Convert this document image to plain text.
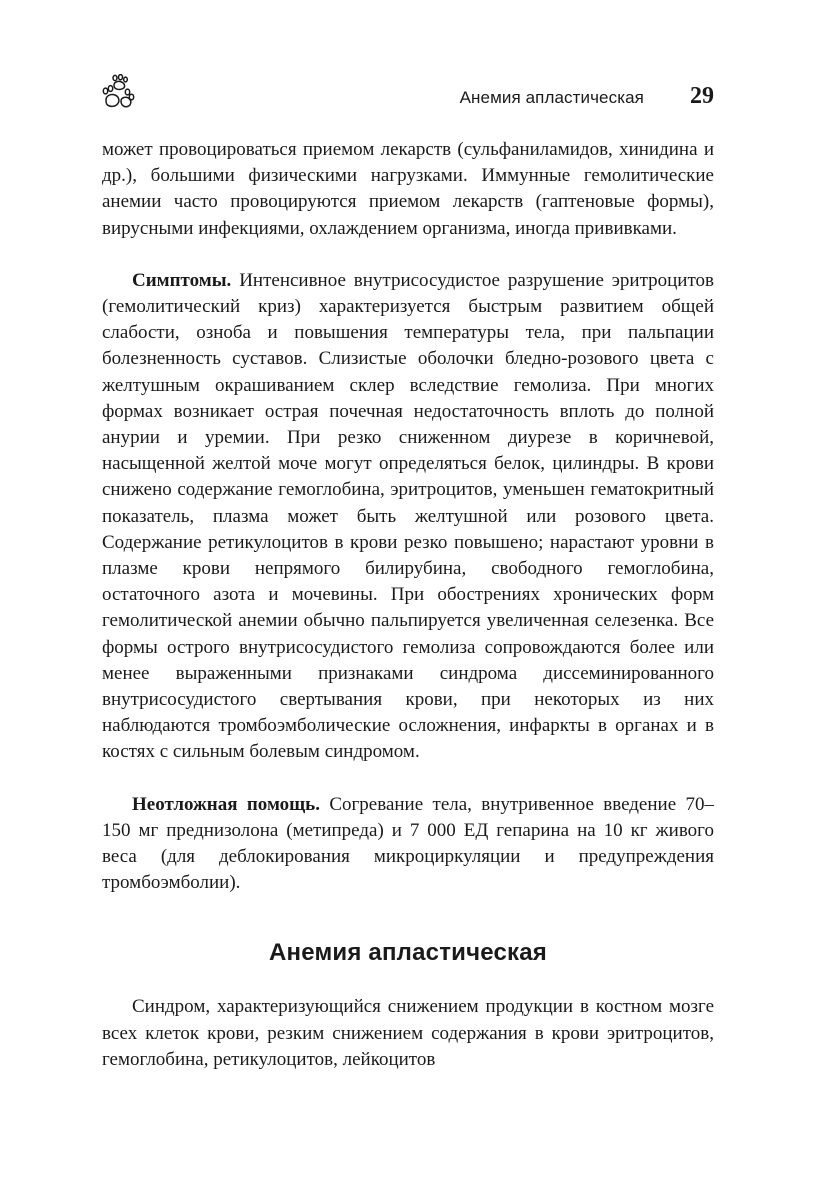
Анемия апластическая 29

может провоцироваться приемом лекарств (сульфаниламидов, хинидина и др.), большими физическими нагрузками. Иммунные гемолитические анемии часто провоцируются приемом лекарств (гаптеновые формы), вирусными инфекциями, охлаждением организма, иногда прививками.

Симптомы. Интенсивное внутрисосудистое разрушение эритроцитов (гемолитический криз) характеризуется быстрым развитием общей слабости, озноба и повышения температуры тела, при пальпации болезненность суставов. Слизистые оболочки бледно-розового цвета с желтушным окрашиванием склер вследствие гемолиза. При многих формах возникает острая почечная недостаточность вплоть до полной анурии и уремии. При резко сниженном диурезе в коричневой, насыщенной желтой моче могут определяться белок, цилиндры. В крови снижено содержание гемоглобина, эритроцитов, уменьшен гематокритный показатель, плазма может быть желтушной или розового цвета. Содержание ретикулоцитов в крови резко повышено; нарастают уровни в плазме крови непрямого билирубина, свободного гемоглобина, остаточного азота и мочевины. При обострениях хронических форм гемолитической анемии обычно пальпируется увеличенная селезенка. Все формы острого внутрисосудистого гемолиза сопровождаются более или менее выраженными признаками синдрома диссеминированного внутрисосудистого свертывания крови, при некоторых из них наблюдаются тромбоэмболические осложнения, инфаркты в органах и в костях с сильным болевым синдромом.

Неотложная помощь. Согревание тела, внутривенное введение 70–150 мг преднизолона (метипреда) и 7 000 ЕД гепарина на 10 кг живого веса (для деблокирования микроциркуляции и предупреждения тромбоэмболии).

Анемия апластическая

Синдром, характеризующийся снижением продукции в костном мозге всех клеток крови, резким снижением содержания в крови эритроцитов, гемоглобина, ретикулоцитов, лейкоцитов
